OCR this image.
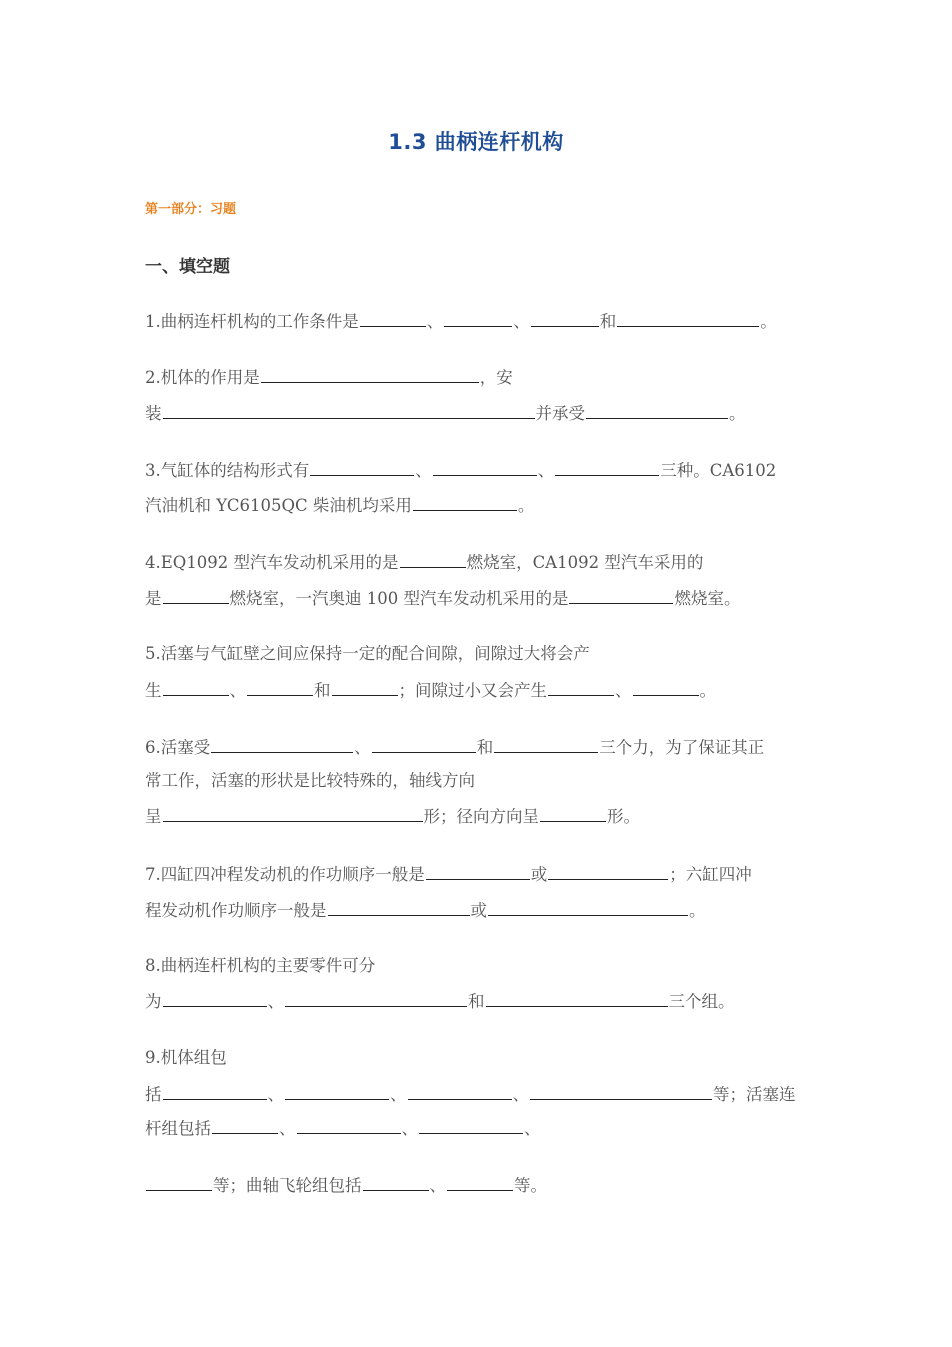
1.3 曲柄连杆机构
第一部分：习题
一、填空题
1.曲柄连杆机构的工作条件是	、	、	和	。
2.机体的作用是	，安
装	并承受	。
3.气缸体的结构形式有	、	、	三种。CA6102
汽油机和 YC6105QC 柴油机均采用	。
4.EQ1092 型汽车发动机采用的是	燃烧室，CA1092 型汽车采用的
是	燃烧室，一汽奥迪 100 型汽车发动机采用的是	燃烧室。
5.活塞与气缸壁之间应保持一定的配合间隙，间隙过大将会产
生	、	和	；间隙过小又会产生	、	。
6.活塞受	、	和	三个力，为了保证其正
常工作，活塞的形状是比较特殊的，轴线方向
呈	形；径向方向呈	形。
7.四缸四冲程发动机的作功顺序一般是	或	；六缸四冲
程发动机作功顺序一般是	或	。
8.曲柄连杆机构的主要零件可分
为	、	和	三个组。
9.机体组包
括	、	、	、	等；活塞连
杆组包括	、	、	、
等；曲轴飞轮组包括	、	等。
